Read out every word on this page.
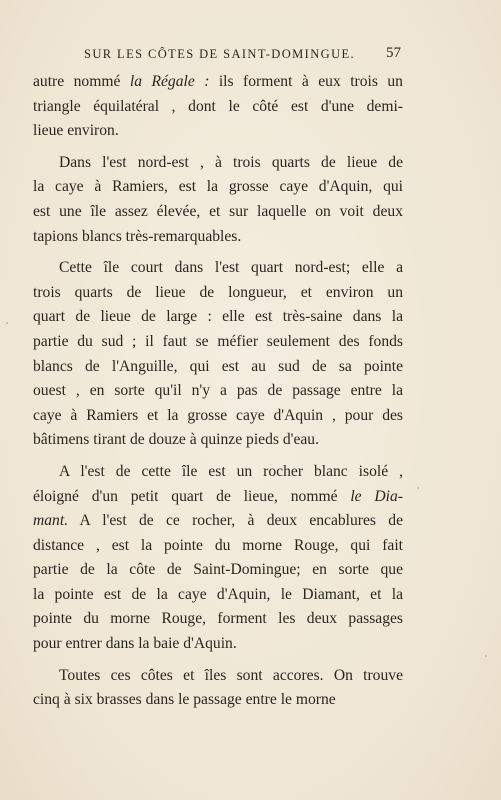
SUR LES CÔTES DE SAINT-DOMINGUE.	57
autre nommé la Régale : ils forment à eux trois un
triangle équilatéral , dont le côté est d'une demi-
lieue environ.
Dans l'est nord-est , à trois quarts de lieue de
la caye à Ramiers, est la grosse caye d'Aquin, qui
est une île assez élevée, et sur laquelle on voit deux
tapions blancs très-remarquables.
Cette île court dans l'est quart nord-est; elle a
trois quarts de lieue de longueur, et environ un
quart de lieue de large : elle est très-saine dans la
partie du sud ; il faut se méfier seulement des fonds
blancs de l'Anguille, qui est au sud de sa pointe
ouest , en sorte qu'il n'y a pas de passage entre la
caye à Ramiers et la grosse caye d'Aquin , pour des
bâtimens tirant de douze à quinze pieds d'eau.
A l'est de cette île est un rocher blanc isolé ,
éloigné d'un petit quart de lieue, nommé le Dia-
mant. A l'est de ce rocher, à deux encablures de
distance , est la pointe du morne Rouge, qui fait
partie de la côte de Saint-Domingue; en sorte que
la pointe est de la caye d'Aquin, le Diamant, et la
pointe du morne Rouge, forment les deux passages
pour entrer dans la baie d'Aquin.
Toutes ces côtes et îles sont accores. On trouve
cinq à six brasses dans le passage entre le morne
